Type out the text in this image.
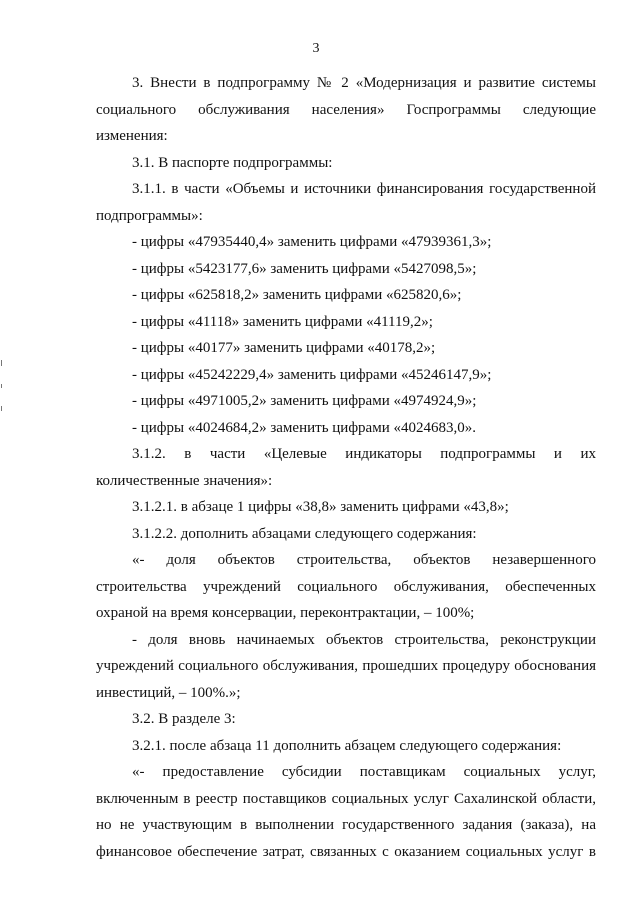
3
3. Внести в подпрограмму № 2 «Модернизация и развитие системы
социального обслуживания населения» Госпрограммы следующие
изменения:
3.1. В паспорте подпрограммы:
3.1.1. в части «Объемы и источники финансирования государственной
подпрограммы»:
- цифры «47935440,4» заменить цифрами «47939361,3»;
- цифры «5423177,6» заменить цифрами «5427098,5»;
- цифры «625818,2» заменить цифрами «625820,6»;
- цифры «41118» заменить цифрами «41119,2»;
- цифры «40177» заменить цифрами «40178,2»;
- цифры «45242229,4» заменить цифрами «45246147,9»;
- цифры «4971005,2» заменить цифрами «4974924,9»;
- цифры «4024684,2» заменить цифрами «4024683,0».
3.1.2. в части «Целевые индикаторы подпрограммы и их
количественные значения»:
3.1.2.1. в абзаце 1 цифры «38,8» заменить цифрами «43,8»;
3.1.2.2. дополнить абзацами следующего содержания:
«- доля объектов строительства, объектов незавершенного
строительства учреждений социального обслуживания, обеспеченных
охраной на время консервации, переконтрактации, – 100%;
- доля вновь начинаемых объектов строительства, реконструкции
учреждений социального обслуживания, прошедших процедуру обоснования
инвестиций, – 100%.»;
3.2. В разделе 3:
3.2.1. после абзаца 11 дополнить абзацем следующего содержания:
«- предоставление субсидии поставщикам социальных услуг,
включенным в реестр поставщиков социальных услуг Сахалинской области,
но не участвующим в выполнении государственного задания (заказа), на
финансовое обеспечение затрат, связанных с оказанием социальных услуг в
